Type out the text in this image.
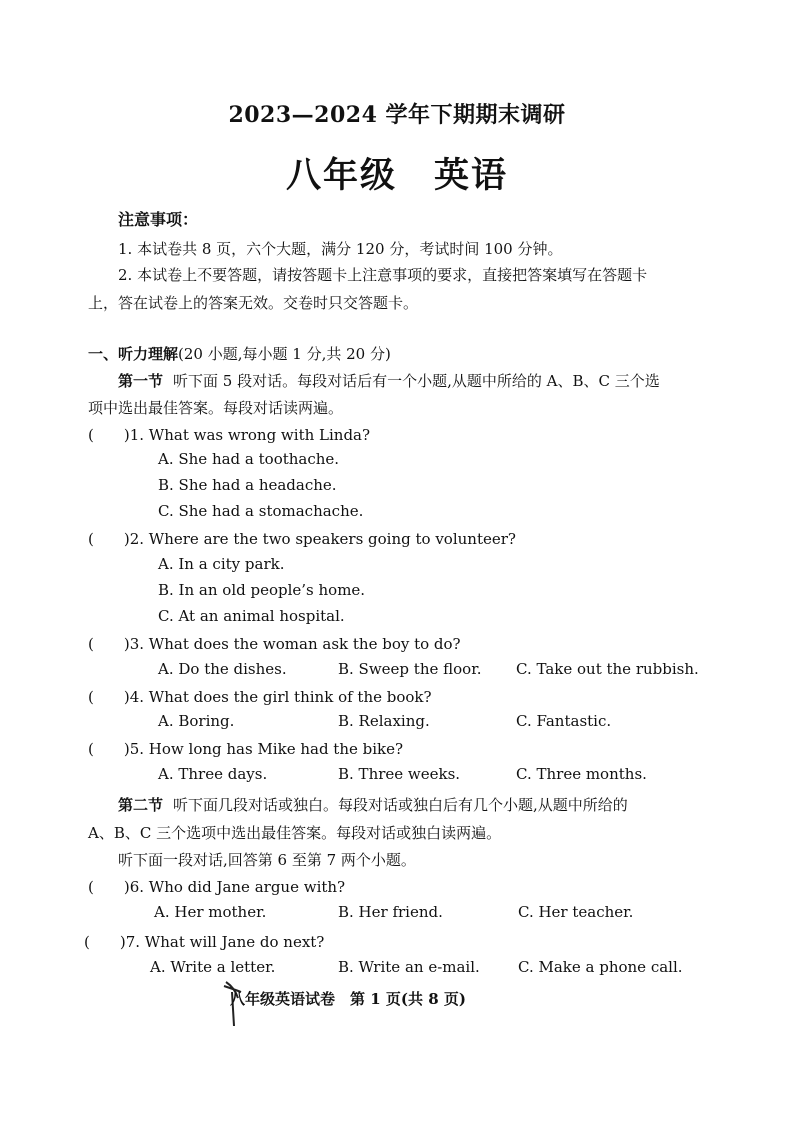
2023—2024 学年下期期末调研
八年级　英语
注意事项：
1. 本试卷共 8 页，六个大题，满分 120 分，考试时间 100 分钟。
2. 本试卷上不要答题，请按答题卡上注意事项的要求，直接把答案填写在答题卡
上，答在试卷上的答案无效。交卷时只交答题卡。
一、听力理解(20 小题,每小题 1 分,共 20 分)
第一节 听下面 5 段对话。每段对话后有一个小题,从题中所给的 A、B、C 三个选
项中选出最佳答案。每段对话读两遍。
(　　)1. What was wrong with Linda?
A. She had a toothache.
B. She had a headache.
C. She had a stomachache.
(　　)2. Where are the two speakers going to volunteer?
A. In a city park.
B. In an old people’s home.
C. At an animal hospital.
(　　)3. What does the woman ask the boy to do?
A. Do the dishes.	B. Sweep the floor. C. Take out the rubbish.
(　　)4. What does the girl think of the book?
A. Boring.	B. Relaxing.	C. Fantastic.
(　　)5. How long has Mike had the bike?
A. Three days.	B. Three weeks.	C. Three months.
第二节 听下面几段对话或独白。每段对话或独白后有几个小题,从题中所给的
A、B、C 三个选项中选出最佳答案。每段对话或独白读两遍。
听下面一段对话,回答第 6 至第 7 两个小题。
(　　)6. Who did Jane argue with?
A. Her mother.	B. Her friend.	C. Her teacher.
(　　)7. What will Jane do next?
A. Write a letter.	B. Write an e-mail.	C. Make a phone call.
八年级英语试卷　第 1 页(共 8 页)
